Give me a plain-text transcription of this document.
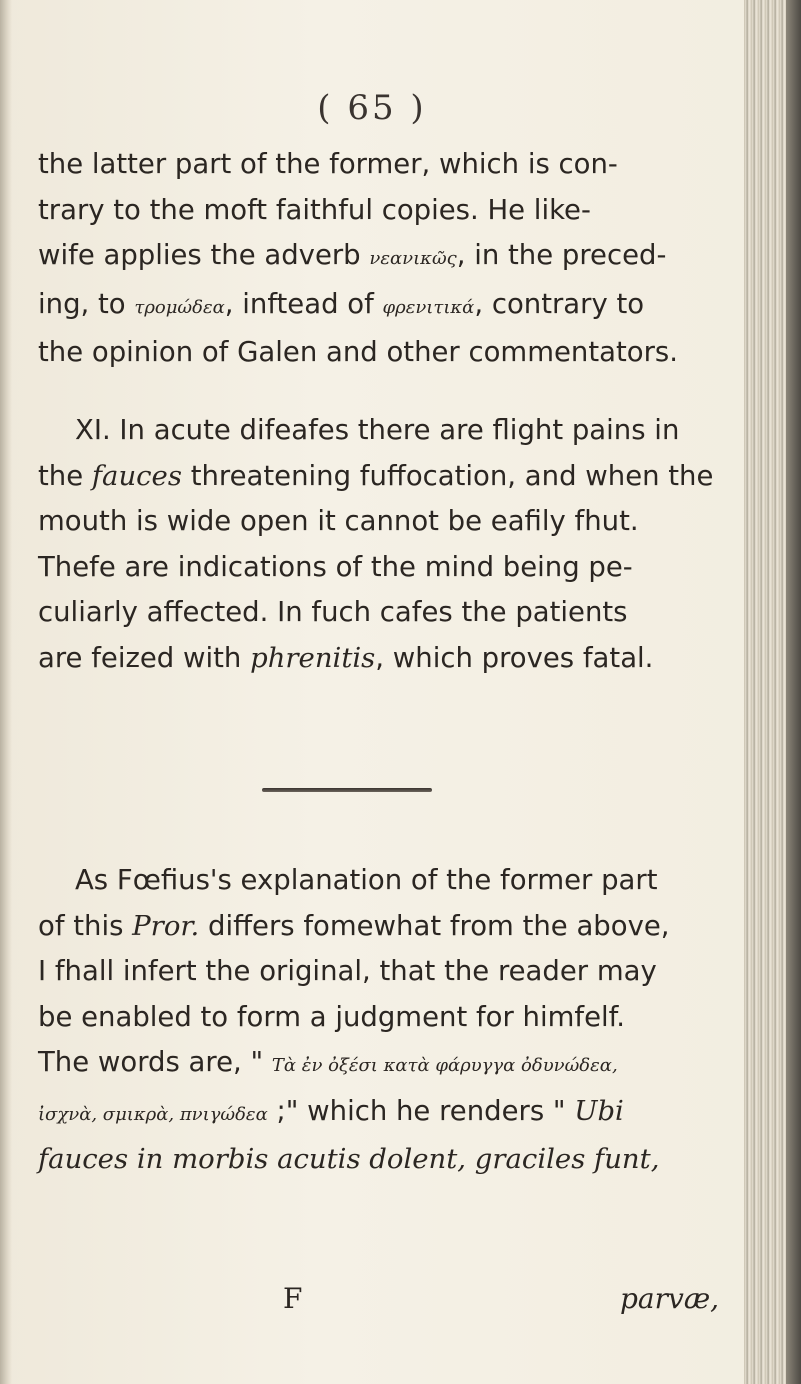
( 65 )
the latter part of the former, which is con-
trary to the moft faithful copies. He like-
wife applies the adverb νεανικῶς, in the preced-
ing, to τρομώδεα, inftead of φρενιτικά, contrary to
the opinion of Galen and other commentators.
XI. In acute difeafes there are flight pains in
the fauces threatening fuffocation, and when the
mouth is wide open it cannot be eafily fhut.
Thefe are indications of the mind being pe-
culiarly affected. In fuch cafes the patients
are feized with phrenitis, which proves fatal.
As Fœfius's explanation of the former part
of this Pror. differs fomewhat from the above,
I fhall infert the original, that the reader may
be enabled to form a judgment for himfelf.
The words are, " Τὰ ἐν ὀξέσι κατὰ φάρυγγα ὀδυνώδεα,
ἰσχνὰ, σμικρὰ, πνιγώδεα ;" which he renders " Ubi
fauces in morbis acutis dolent, graciles funt,
F	parvæ,
